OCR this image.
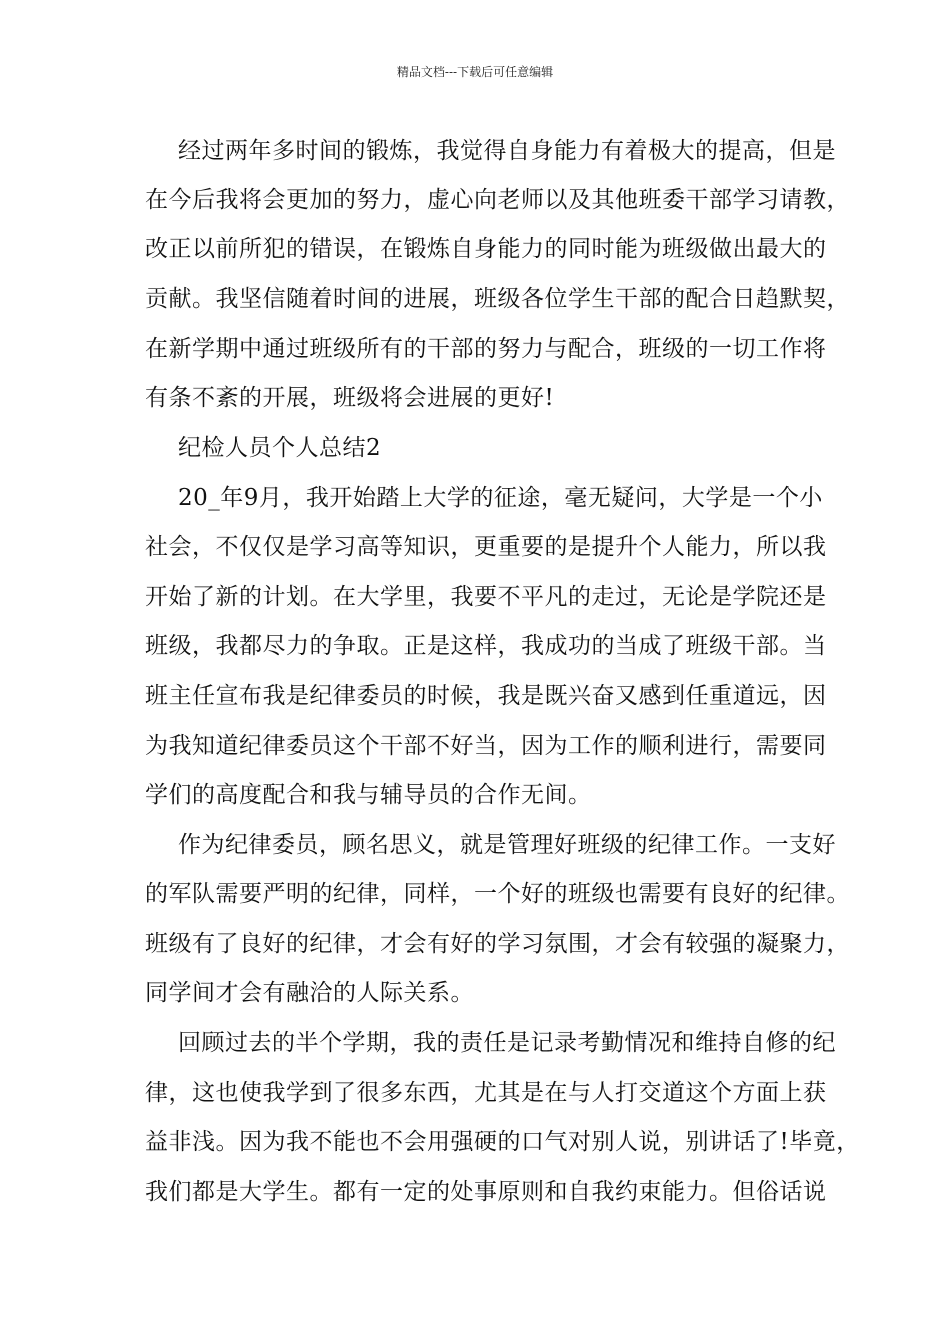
精品文档---下载后可任意编辑
经过两年多时间的锻炼，我觉得自身能力有着极大的提高，但是
在今后我将会更加的努力，虚心向老师以及其他班委干部学习请教，
改正以前所犯的错误，在锻炼自身能力的同时能为班级做出最大的
贡献。我坚信随着时间的进展，班级各位学生干部的配合日趋默契，
在新学期中通过班级所有的干部的努力与配合，班级的一切工作将
有条不紊的开展，班级将会进展的更好!
纪检人员个人总结2
20_年9月，我开始踏上大学的征途，毫无疑问，大学是一个小
社会，不仅仅是学习高等知识，更重要的是提升个人能力，所以我
开始了新的计划。在大学里，我要不平凡的走过，无论是学院还是
班级，我都尽力的争取。正是这样，我成功的当成了班级干部。当
班主任宣布我是纪律委员的时候，我是既兴奋又感到任重道远，因
为我知道纪律委员这个干部不好当，因为工作的顺利进行，需要同
学们的高度配合和我与辅导员的合作无间。
作为纪律委员，顾名思义，就是管理好班级的纪律工作。一支好
的军队需要严明的纪律，同样，一个好的班级也需要有良好的纪律。
班级有了良好的纪律，才会有好的学习氛围，才会有较强的凝聚力，
同学间才会有融洽的人际关系。
回顾过去的半个学期，我的责任是记录考勤情况和维持自修的纪
律，这也使我学到了很多东西，尤其是在与人打交道这个方面上获
益非浅。因为我不能也不会用强硬的口气对别人说，别讲话了!毕竟，
我们都是大学生。都有一定的处事原则和自我约束能力。但俗话说
